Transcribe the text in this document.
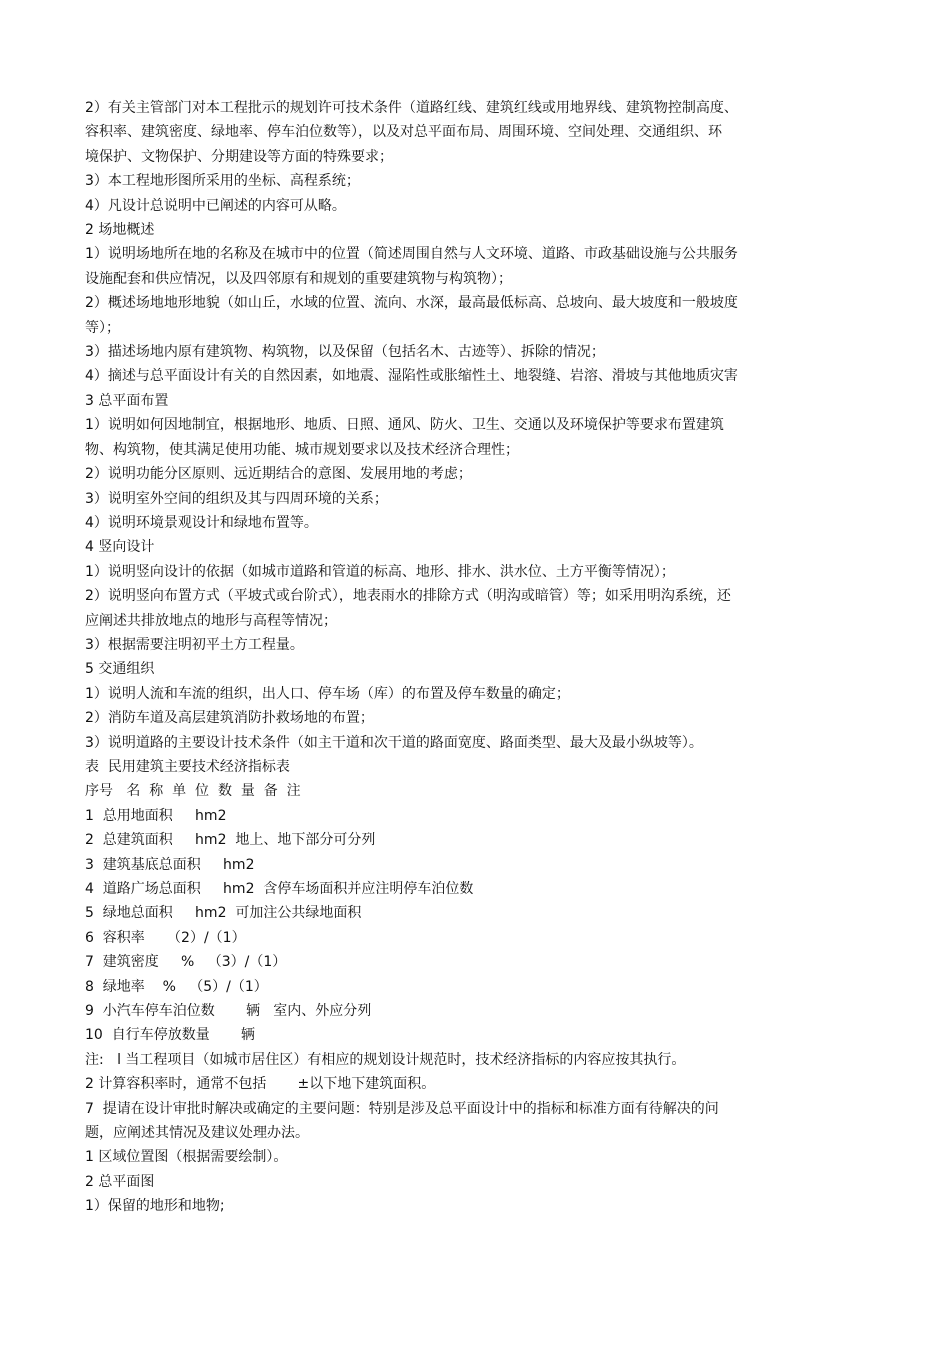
2）有关主管部门对本工程批示的规划许可技术条件（道路红线、建筑红线或用地界线、建筑物控制高度、

容积率、建筑密度、绿地率、停车泊位数等），以及对总平面布局、周围环境、空间处理、交通组织、环

境保护、文物保护、分期建设等方面的特殊要求；

3）本工程地形图所采用的坐标、高程系统；

4）凡设计总说明中已阐述的内容可从略。

2 场地概述

1）说明场地所在地的名称及在城市中的位置（简述周围自然与人文环境、道路、市政基础设施与公共服务

设施配套和供应情况，以及四邻原有和规划的重要建筑物与构筑物）；

2）概述场地地形地貌（如山丘，水域的位置、流向、水深，最高最低标高、总坡向、最大坡度和一般坡度

等）；

3）描述场地内原有建筑物、构筑物，以及保留（包括名木、古迹等）、拆除的情况；

4）摘述与总平面设计有关的自然因素，如地震、湿陷性或胀缩性土、地裂缝、岩溶、滑坡与其他地质灾害

3 总平面布置

1）说明如何因地制宜，根据地形、地质、日照、通风、防火、卫生、交通以及环境保护等要求布置建筑

物、构筑物，使其满足使用功能、城巿规划要求以及技术经济合理性；

2）说明功能分区原则、远近期结合的意图、发展用地的考虑；

3）说明室外空间的组织及其与四周环境的关系；

4）说明环境景观设计和绿地布置等。

4 竖向设计

1）说明竖向设计的依据（如城市道路和管道的标高、地形、排水、洪水位、土方平衡等情况）；

2）说明竖向布置方式（平坡式或台阶式），地表雨水的排除方式（明沟或暗管）等；如采用明沟系统，还

应阐述共排放地点的地形与高程等情况；

3）根据需要注明初平土方工程量。

5 交通组织

1）说明人流和车流的组织，出人口、停车场（库）的布置及停车数量的确定；

2）消防车道及高层建筑消防扑救场地的布置；

3）说明道路的主要设计技术条件（如主干道和次干道的路面宽度、路面类型、最大及最小纵坡等）。

表  民用建筑主要技术经济指标表

序号   名  称  单  位  数  量  备  注

1  总用地面积     hm2

2  总建筑面积     hm2  地上、地下部分可分列

3  建筑基底总面积     hm2

4  道路广场总面积     hm2  含停车场面积并应注明停车泊位数

5  绿地总面积     hm2  可加注公共绿地面积

6  容积率     （2）/（1）

7  建筑密度     %   （3）/（1）

8  绿地率    %   （5）/（1）

9  小汽车停车泊位数       辆   室内、外应分列

10  自行车停放数量       辆

注:   l 当工程项目（如城市居住区）有相应的规划设计规范时，技术经济指标的内容应按其执行。

2 计算容积率时，通常不包括       ±以下地下建筑面积。

7  提请在设计审批时解决或确定的主要问题：特别是涉及总平面设计中的指标和标准方面有待解决的问

题，应阐述其情况及建议处理办法。

1 区域位置图（根据需要绘制）。

2 总平面图

1）保留的地形和地物;
